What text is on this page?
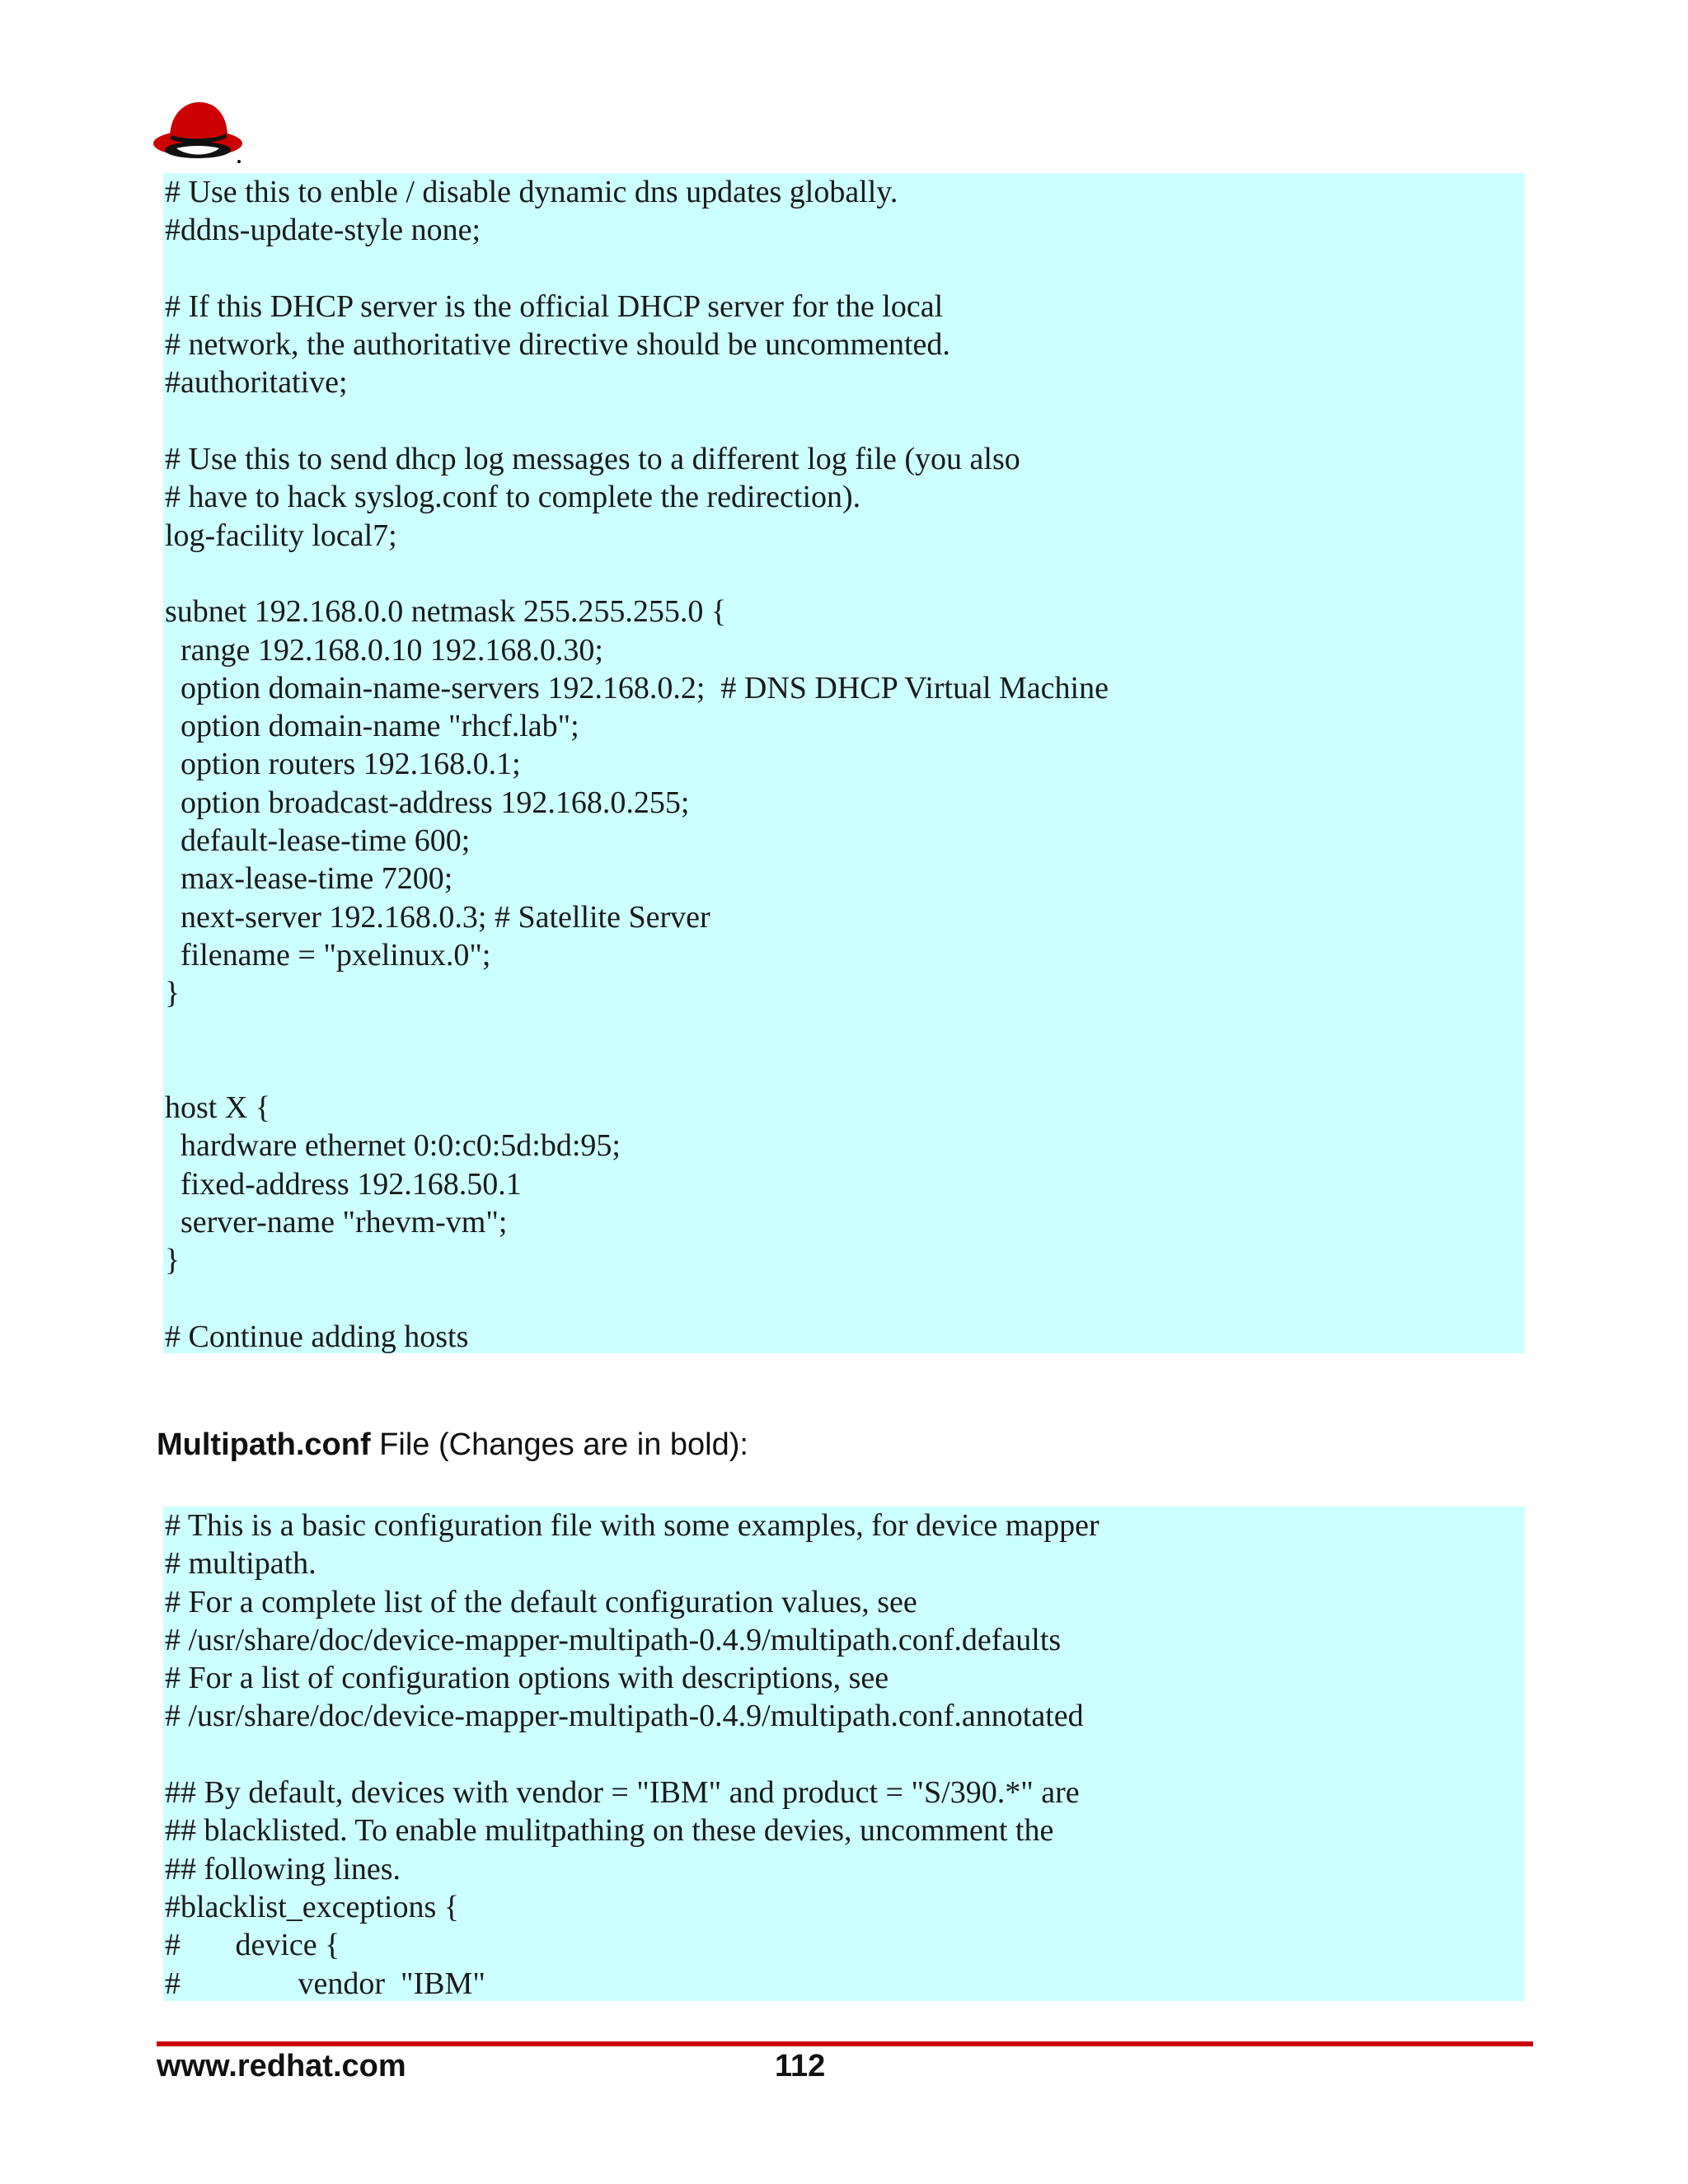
# Use this to enble / disable dynamic dns updates globally.
#ddns-update-style none;
# If this DHCP server is the official DHCP server for the local
# network, the authoritative directive should be uncommented.
#authoritative;
# Use this to send dhcp log messages to a different log file (you also
# have to hack syslog.conf to complete the redirection).
log-facility local7;
subnet 192.168.0.0 netmask 255.255.255.0 {
range 192.168.0.10 192.168.0.30;
option domain-name-servers 192.168.0.2;  # DNS DHCP Virtual Machine
option domain-name "rhcf.lab";
option routers 192.168.0.1;
option broadcast-address 192.168.0.255;
default-lease-time 600;
max-lease-time 7200;
next-server 192.168.0.3; # Satellite Server
filename = "pxelinux.0";
}
host X {
hardware ethernet 0:0:c0:5d:bd:95;
fixed-address 192.168.50.1
server-name "rhevm-vm";
}
# Continue adding hosts
Multipath.conf File (Changes are in bold):
# This is a basic configuration file with some examples, for device mapper
# multipath.
# For a complete list of the default configuration values, see
# /usr/share/doc/device-mapper-multipath-0.4.9/multipath.conf.defaults
# For a list of configuration options with descriptions, see
# /usr/share/doc/device-mapper-multipath-0.4.9/multipath.conf.annotated
## By default, devices with vendor = "IBM" and product = "S/390.*" are
## blacklisted. To enable mulitpathing on these devies, uncomment the
## following lines.
#blacklist_exceptions {
#       device {
#               vendor  "IBM"
www.redhat.com	112
